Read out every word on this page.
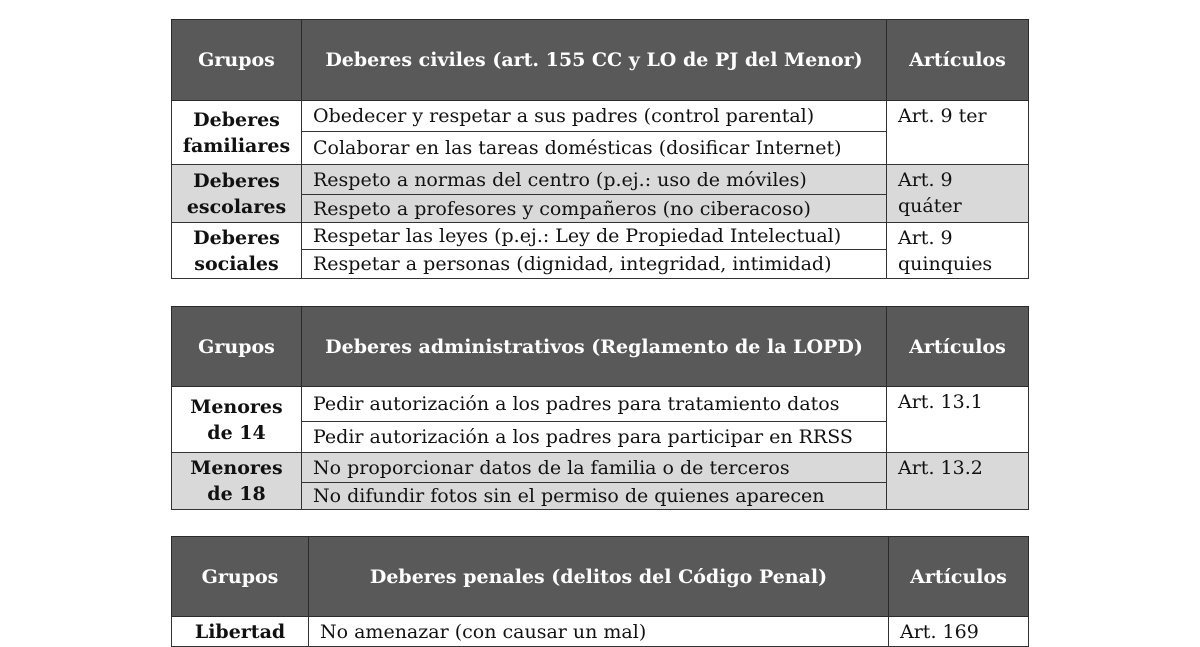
Grupos	Deberes civiles (art. 155 CC y LO de PJ del Menor)	Artículos
Deberes
familiares	Obedecer y respetar a sus padres (control parental)	Art. 9 ter
	Colaborar en las tareas domésticas (dosificar Internet)	
Deberes
escolares	Respeto a normas del centro (p.ej.: uso de móviles)	Art. 9
quáter
	Respeto a profesores y compañeros (no ciberacoso)	
Deberes
sociales	Respetar las leyes (p.ej.: Ley de Propiedad Intelectual)	Art. 9
quinquies
	Respetar a personas (dignidad, integridad, intimidad)	
Grupos	Deberes administrativos (Reglamento de la LOPD)	Artículos
Menores
de 14	Pedir autorización a los padres para tratamiento datos	Art. 13.1
	Pedir autorización a los padres para participar en RRSS	
Menores
de 18	No proporcionar datos de la familia o de terceros	Art. 13.2
	No difundir fotos sin el permiso de quienes aparecen	
Grupos	Deberes penales (delitos del Código Penal)	Artículos
Libertad	No amenazar (con causar un mal)	Art. 169
